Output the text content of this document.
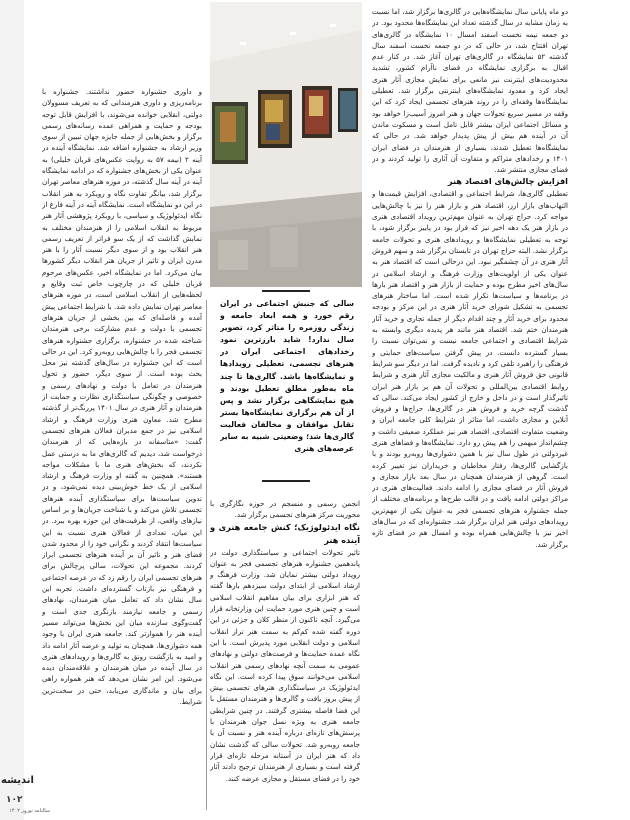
سالی که جنبش اجتماعی در ایران رقم خورد و همه ابعاد جامعه و زندگی روزمره را متاثر کرد، تصویر سال ندارد! شاید بارزترین نمود رخدادهای اجتماعی ایران در هنرهای تجسمی، تعطیلی رویدادها و نمایشگاه‌ها باشد. گالری‌ها تا چند ماه به‌طور مطلق تعطیل بودند و هیچ نمایشگاهی برگزار نشد و پس از آن هم برگزاری نمایشگاه‌ها بستر تقابل موافقان و مخالفان فعالیت گالری‌ها شد؛ وضعیتی شبیه به سایر عرصه‌های هنری

دو ماه پایانی سال نمایشگاه‌هایی در گالری‌ها برگزار شد، اما نسبت به زمان مشابه در سال گذشته تعداد این نمایشگاه‌ها محدود بود. در دو جمعه نیمه نخست اسفند امسال ۱۰ نمایشگاه در گالری‌های تهران افتتاح شد، در حالی که در دو جمعه نخست اسفند سال گذشته ۵۲ نمایشگاه در گالری‌های تهران آغاز شد. در کنار عدم اقبال به برگزاری نمایشگاه در فضای ناآرام کشور، تشدید محدودیت‌های اینترنت نیز مانعی برای نمایش مجازی آثار هنری ایجاد کرد و معدود نمایشگاه‌های اینترنتی برگزار شد. تعطیلی نمایشگاه‌ها وقفه‌ای را در روند هنرهای تجسمی ایجاد کرد که این وقفه در مسیر سریع تحولات جهان و هنر امروز آسیب‌زا خواهد بود و مسائل اجتماعی ایران بیشتر قابل تامل است و مسکوت ماندن آن در آینده هم بیش از پیش پدیدار خواهد شد. در حالی که نمایشگاه‌ها تعطیل شدند، بسیاری از هنرمندان در فضای ایران ۱۴۰۱ و رخدادهای متراکم و متفاوت آن آثاری را تولید کردند و در فضای مجازی منتشر شد.

افزایش چالش‌های اقتصاد هنر

تعطیلی گالری‌ها، شرایط اجتماعی و اقتصادی، افزایش قیمت‌ها و التهاب‌های بازار ارز، اقتصاد هنر و بازار هنر را نیز با چالش‌هایی مواجه کرد. حراج تهران به عنوان مهم‌ترین رویداد اقتصادی هنری در بازار هنر یک دهه اخیر نیز که قرار بود در پاییز برگزار شود، با توجه به تعطیلی نمایشگاه‌ها و رویدادهای هنری و تحولات جامعه برگزار نشد. البته حراج تهران در تابستان برگزار شد و سهم فروش آثار هنری در آن چشمگیر نبود. این درحالی است که اقتصاد هنر به عنوان یکی از اولویت‌های وزارت فرهنگ و ارشاد اسلامی در سال‌های اخیر مطرح بوده و حمایت از بازار هنر و اقتصاد هنر بارها در برنامه‌ها و سیاست‌ها تکرار شده است. اما ساختار هنرهای تجسمی به تشکیل شورای خرید آثار هنری در این مرکز و بودجه محدود برای خرید آثار و چند اقدام دیگر از جمله تجاری و خرید آثار هنرمندان ختم شد. اقتصاد هنر مانند هر پدیده دیگری وابسته به شرایط اقتصادی و اجتماعی جامعه نیست و نمی‌توان نسبت را بسیار گسترده دانست. در پیش گرفتن سیاست‌های حمایتی و فرهنگی را راهبرد تلقی کرد و نادیده گرفت. اما در دیگر سو شرایط قانونی حق فروش آثار هنری و مالکیت مجازی آثار هنری و شرایط روابط اقتصادی بین‌المللی و تحولات آن هم بر بازار هنر ایران تاثیرگذار است و در داخل و خارج از کشور ایجاد می‌کند. سالی که گذشت گرچه خرید و فروش هنر در گالری‌ها، حراج‌ها و فروش آنلاین و مجازی داشت، اما متاثر از شرایط کلی جامعه ایران و وضعیت متفاوت اقتصادی، اقتصاد هنر نیز عملکرد ضعیفی داشت و چشم‌انداز مبهمی را هم پیش رو دارد. نمایشگاه‌ها و فضاهای هنری غیردولتی در طول سال نیز با همین دشواری‌ها روبه‌رو بودند و با بازگشایی گالری‌ها، رفتار مخاطبان و خریداران نیز تغییر کرده است. گروهی از هنرمندان همچنان در سال بعد بازار مجازی و فروش آثار در فضای مجازی را ادامه دادند. فعالیت‌های هنری در مراکز دولتی ادامه یافت و در قالب طرح‌ها و برنامه‌های مختلف از جمله جشنواره هنرهای تجسمی فجر به عنوان یکی از مهم‌ترین رویدادهای دولتی هنر ایران برگزار شد. جشنواره‌ای که در سال‌های اخیر نیز با چالش‌هایی همراه بوده و امسال هم در فضای تازه برگزار شد.

انجمن رسمی و منسجم در حوزه نگارگری با محوریت مرکز هنرهای تجسمی برگزار شد.

نگاه ایدئولوژیک؛ کنش جامعه هنری و آینده هنر

تاثیر تحولات اجتماعی و سیاستگذاری دولت در پاندهمین جشنواره هنرهای تجسمی فجر به عنوان رویداد دولتی بیشتر نمایان شد. وزارت فرهنگ و ارشاد اسلامی از ابتدای دولت سیزدهم بارها گفته که هنر ابزاری برای بیان مفاهیم انقلاب اسلامی است و چنین هنری مورد حمایت این وزارتخانه قرار می‌گیرد. آنچه تاکنون از منظر کلان و جزئی در این دوره گفته شده کم‌کم به سمت هنر تراز انقلاب اسلامی و دولت انقلابی مورد پذیرش است. با این نگاه عمده حمایت‌ها و فرصت‌های دولتی و نهادهای عمومی به سمت آنچه نهادهای رسمی هنر انقلاب اسلامی می‌خوانند سوق پیدا کرده است. این نگاه ایدئولوژیک در سیاستگذاری هنرهای تجسمی بیش از پیش بروز یافت و گالری‌ها و هنرمندان مستقل با این فضا فاصله بیشتری گرفتند. در چنین شرایطی جامعه هنری به ویژه نسل جوان هنرمندان با پرسش‌های تازه‌ای درباره آینده هنر و نسبت آن با جامعه روبه‌رو شد. تحولات سالی که گذشت نشان داد که هنر ایران در آستانه مرحله تازه‌ای قرار گرفته است و بسیاری از هنرمندان ترجیح دادند آثار خود را در فضای مستقل و مجازی عرضه کنند.

و داوری جشنواره حضور نداشتند. جشنواره با برنامه‌ریزی و داوری هنرمندانی که به تعریف مسوولان دولتی، انقلابی خوانده می‌شوند، با افزایش قابل توجه بودجه و حمایت و همراهی عمده رسانه‌های رسمی برگزار و بخش‌هایی از جمله جایزه جهان تبیین از سوی وزیر ارشاد به جشنواره اضافه شد. نمایشگاه آینده در آینه ۲ (نیمه ۵۷ به روایت عکس‌های قربان خلیلی) به عنوان یکی از بخش‌های جشنواره که در ادامه نمایشگاه آینه در آینه سال گذشته، در موزه هنرهای معاصر تهران برگزار شد، بیانگر تفاوت نگاه و رویکرد به هنر انقلاب در این دو نمایشگاه است. نمایشگاه آینه در آینه فارغ از نگاه ایدئولوژیک و سیاسی، با رویکرد پژوهشی آثار هنر مربوط به انقلاب اسلامی را از هنرمندان مختلف به نمایش گذاشت که از یک سو فراتر از تعریف رسمی هنر انقلاب بود و از سوی دیگر نسبت آثار را با هنر مدرن ایران و تاثیر از جریان هنر انقلاب دیگر کشورها بیان می‌کرد. اما در نمایشگاه اخیر، عکس‌های مرحوم قربان خلیلی که در چارچوب خاص ثبت وقایع و لحظه‌هایی از انقلاب اسلامی است، در موزه هنرهای معاصر تهران نمایش داده شد. با شرایط اجتماعی پیش آمده و فاصله‌ای که بین بخشی از جریان هنرهای تجسمی با دولت و عدم مشارکت برخی هنرمندان شناخته شده در جشنواره، برگزاری جشنواره هنرهای تجسمی فجر را با چالش‌هایی روبه‌رو کرد. این در حالی است که این جشنواره در سال‌های گذشته نیز محل بحث بوده است. از سوی دیگر، حضور و تحول هنرمندان در تعامل با دولت و نهادهای رسمی و خصوصی و چگونگی سیاستگذاری نظارت و حمایت از هنرمندان و آثار هنری در سال ۱۴۰۱ پررنگ‌تر از گذشته مطرح شد. معاون هنری وزارت فرهنگ و ارشاد اسلامی نیز در جمع مدیران فعالان هنرهای تجسمی گفت: «متاسفانه در بازه‌هایی که از هنرمندان درخواست شد، دیدیم که گالری‌های ما به درستی عمل نکردند، که بخش‌های هنری ما با مشکلات مواجه هستند». همچنین به گفته او وزارت فرهنگ و ارشاد اسلامی از یک خط خوش‌بینی دیده نمی‌شود، و در تدوین سیاست‌ها برای سیاستگذاری آینده هنرهای تجسمی تلاش می‌کند و با شناخت جریان‌ها و بر اساس نیازهای واقعی، از ظرفیت‌های این حوزه بهره ببرد. در این میان، تعدادی از فعالان هنری نسبت به این سیاست‌ها انتقاد کردند و نگرانی خود را از محدود شدن فضای هنر و تاثیر آن بر آینده هنرهای تجسمی ابراز کردند. مجموعه این تحولات، سالی پرچالش برای هنرهای تجسمی ایران را رقم زد که در عرصه اجتماعی و فرهنگی نیز بازتاب گسترده‌ای داشت. تجربه این سال نشان داد که تعامل میان هنرمندان، نهادهای رسمی و جامعه نیازمند بازنگری جدی است و گفت‌وگوی سازنده میان این بخش‌ها می‌تواند مسیر آینده هنر را هموارتر کند. جامعه هنری ایران با وجود همه دشواری‌ها، همچنان به تولید و عرضه آثار ادامه داد و امید به بازگشت رونق به گالری‌ها و رویدادهای هنری در سال آینده در میان هنرمندان و علاقه‌مندان دیده می‌شود. این امر نشان می‌دهد که هنر همواره راهی برای بیان و ماندگاری می‌یابد، حتی در سخت‌ترین شرایط.

اندیشه
۱۰۲
سالنامه نوروز ۱۴۰۲
